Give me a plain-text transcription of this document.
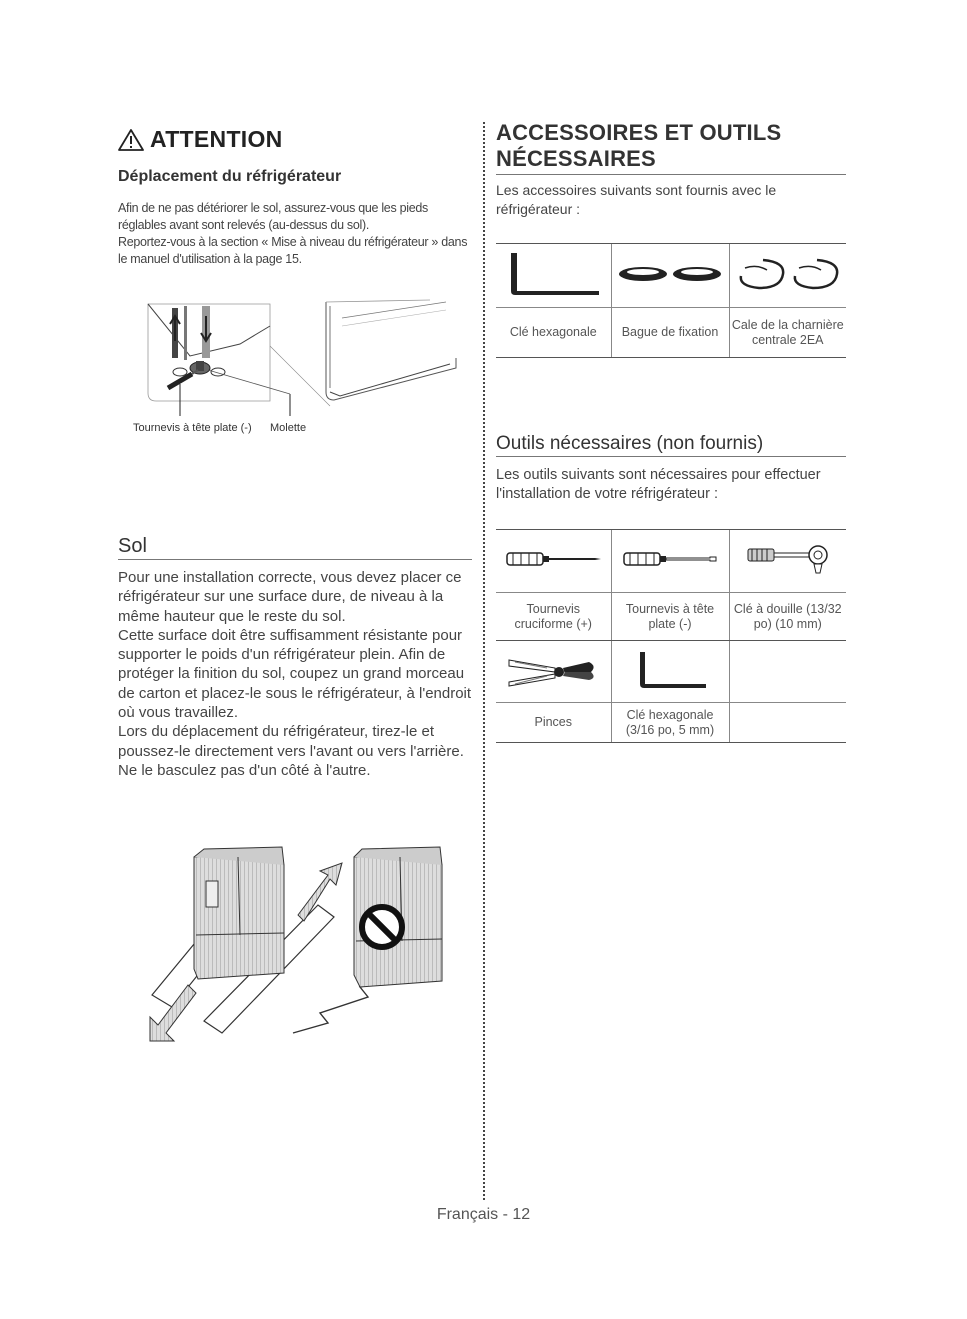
ATTENTION
Déplacement du réfrigérateur

Afin de ne pas détériorer le sol, assurez-vous que les pieds réglables avant sont relevés (au-dessus du sol).

Reportez-vous à la section « Mise à niveau du réfrigérateur » dans le manuel d'utilisation à la page 15.

Tournevis à tête plate (-) Molette
Sol

Pour une installation correcte, vous devez placer ce réfrigérateur sur une surface dure, de niveau à la même hauteur que le reste du sol.

Cette surface doit être suffisamment résistante pour supporter le poids d'un réfrigérateur plein. Afin de protéger la finition du sol, coupez un grand morceau de carton et placez-le sous le réfrigérateur, à l'endroit où vous travaillez.

Lors du déplacement du réfrigérateur, tirez-le et poussez-le directement vers l'avant ou vers l'arrière.

Ne le basculez pas d'un côté à l'autre.

ACCESSOIRES ET OUTILS
NÉCESSAIRES
Les accessoires suivants sont fournis avec le réfrigérateur :

Clé hexagonale	Bague de fixation	Cale de la charnière centrale 2EA
Outils nécessaires (non fournis)
Les outils suivants sont nécessaires pour effectuer l'installation de votre réfrigérateur :

Tournevis cruciforme (+)	Tournevis à tête plate (-)	Clé à douille (13/32 po) (10 mm)

Pinces	Clé hexagonale (3/16 po, 5 mm)	
Français - 12
